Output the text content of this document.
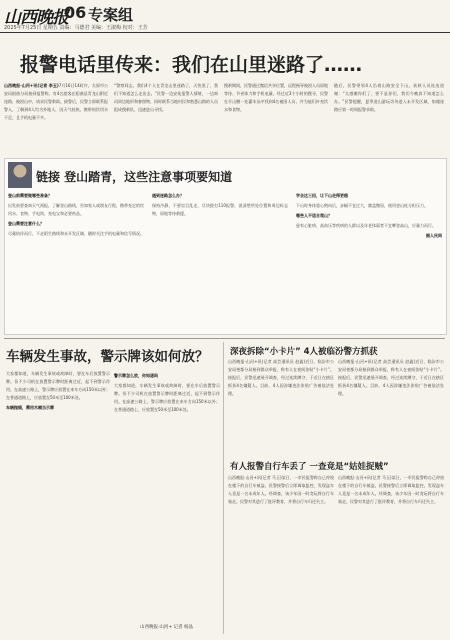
山西晚报
06 专案组
2025年7月25日 星期五 责编：马德君 美编：王淑梅 校对：王芳
报警电话里传来：我们在山里迷路了……
山西晚报·山河+讯(记者 李玉)7月16日14时许，太原市公安局阳曲分局接到报警称，有4名游客在阳曲县青龙山附近迷路，被困山中，请求民警救助。接警后，民警立即联系报警人，了解到4人均为外地人，因天气较热，携带的饮用水不足，且手机电量不多。
“警察同志，我们4个人在青龙山里迷路了，天快黑了，我们不知道怎么走出去。”民警一边安抚报警人情绪，一边询问周边地形和参照物，同时联系当地村民和熟悉山路的人员组成搜救队，迅速进山寻找。
搜救期间，民警通过微信共享位置，远程指导被困人员原地等待、节省体力和手机电量。经过近3个小时的搜寻，民警在半山腰一处灌木丛中找到4名被困人员，并为他们补充饮水和食物。
随后，民警带领4人沿着山路安全下山。获救人员连连道谢：“太感谢你们了，要不是你们，我们今晚真不知道怎么办。”民警提醒，夏季进山游玩切勿进入未开发区域，如遇迷路应第一时间报警求助。
链接 登山踏青，这些注意事项要知道
登山前需要做哪些准备？
出发前要查询天气预报，了解登山路线，告知家人或朋友行程，携带充足的饮用水、食物、手电筒、充电宝和必要药品。
登山需要注意什么？
尽量结伴而行，不走陌生路线和未开发区域，随时关注手机电量和信号情况。
遇到迷路怎么办？
保持冷静，不要盲目乱走，尽快拨打110报警，说清楚所处位置和周边标志物，原地等待救援。
学会这三招，让下山走得更稳
下山时身体重心稍向后，步幅不宜过大，膝盖微屈，使用登山杖分担压力。
哪些人不适合爬山？
患有心脏病、高血压等疾病的人群以及年老体弱者不宜攀登高山，应量力而行。
据人民网
车辆发生事故，警示牌该如何放？
大家都知道，车辆发生事故或故障时，要在车后放置警示牌。但不少司机在放置警示牌时距离过近，起不到警示作用。在高速公路上，警示牌应放置在来车方向150米以外；在普通道路上，应放置在50米至100米处。
车辆抛锚，需用木桶当示牌
警示牌怎么放，你知道吗
大家都知道，车辆发生事故或故障时，要在车后放置警示牌。但不少司机在放置警示牌时距离过近，起不到警示作用。在高速公路上，警示牌应放置在来车方向150米以外；在普通道路上，应放置在50米至100米处。
山西晚报·山河+ 记者 杨晶
深夜拆除“小卡片” 4人被临汾警方抓获
山西晚报·山河+讯(记者 高芸通讯员 赵鑫)近日，临汾市公安局尧都分局接到群众举报，称有人在夜间张贴“小卡片”。接报后，民警迅速展开调查，经过连续蹲守，于近日在辖区抓获4名嫌疑人。目前，4人因涉嫌违法张贴广告被依法处理。
山西晚报·山河+讯(记者 高芸通讯员 赵鑫)近日，临汾市公安局尧都分局接到群众举报，称有人在夜间张贴“小卡片”。接报后，民警迅速展开调查，经过连续蹲守，于近日在辖区抓获4名嫌疑人。目前，4人因涉嫌违法张贴广告被依法处理。
有人报警自行车丢了 一查竟是“姑娃捉贼”
山西晚报·山河+讯(记者 马玉)某日，一市民报警称自己停放在楼下的自行车被盗。民警接警后立即调取监控，发现盗车人竟是一名未成年人。经调查，该少年因一时贪玩将自行车骑走。民警对其进行了批评教育，并将自行车归还失主。
山西晚报·山河+讯(记者 马玉)某日，一市民报警称自己停放在楼下的自行车被盗。民警接警后立即调取监控，发现盗车人竟是一名未成年人。经调查，该少年因一时贪玩将自行车骑走。民警对其进行了批评教育，并将自行车归还失主。
